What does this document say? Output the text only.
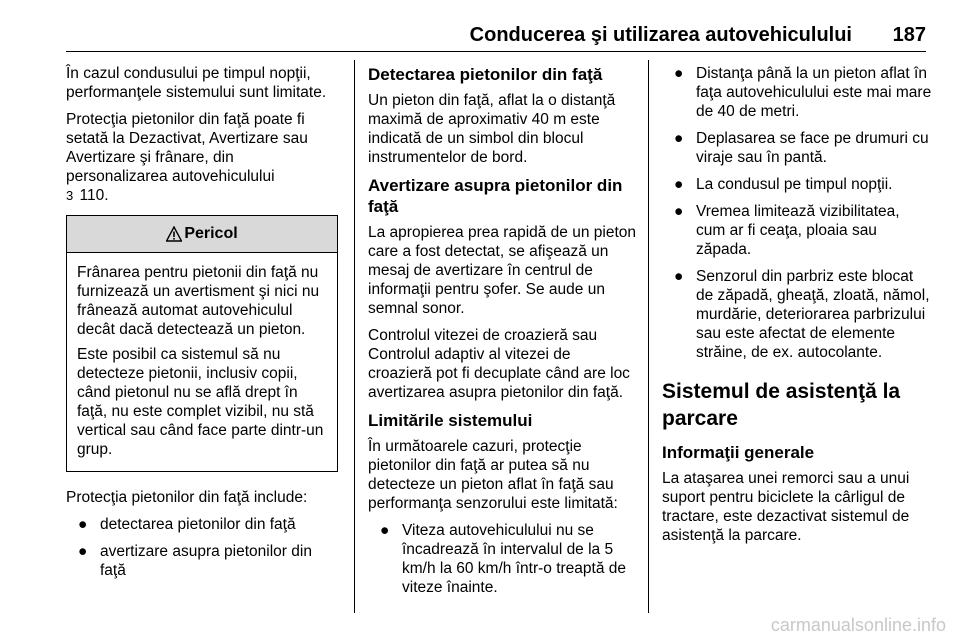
Conducerea şi utilizarea autovehiculului 187

În cazul condusului pe timpul nopţii, performanţele sistemului sunt limitate.

Protecţia pietonilor din faţă poate fi setată la Dezactivat, Avertizare sau Avertizare şi frânare, din personalizarea autovehiculului
3 110.

Pericol

Frânarea pentru pietonii din faţă nu furnizează un avertisment şi nici nu frânează automat autovehiculul decât dacă detectează un pieton.

Este posibil ca sistemul să nu detecteze pietonii, inclusiv copii, când pietonul nu se află drept în faţă, nu este complet vizibil, nu stă vertical sau când face parte dintr-un grup.

Protecţia pietonilor din faţă include:

● detectarea pietonilor din faţă
● avertizare asupra pietonilor din faţă
Detectarea pietonilor din faţă

Un pieton din faţă, aflat la o distanţă maximă de aproximativ 40 m este indicată de un simbol din blocul instrumentelor de bord.

Avertizare asupra pietonilor din faţă

La apropierea prea rapidă de un pieton care a fost detectat, se afişează un mesaj de avertizare în centrul de informaţii pentru şofer. Se aude un semnal sonor.

Controlul vitezei de croazieră sau Controlul adaptiv al vitezei de croazieră pot fi decuplate când are loc avertizarea asupra pietonilor din faţă.

Limitările sistemului

În următoarele cazuri, protecţie pietonilor din faţă ar putea să nu detecteze un pieton aflat în faţă sau performanţa senzorului este limitată:

● Viteza autovehiculului nu se încadrează în intervalul de la 5 km/h la 60 km/h într-o treaptă de viteze înainte.
● Distanţa până la un pieton aflat în faţa autovehiculului este mai mare de 40 de metri.
● Deplasarea se face pe drumuri cu viraje sau în pantă.
● La condusul pe timpul nopţii.
● Vremea limitează vizibilitatea, cum ar fi ceaţa, ploaia sau zăpada.
● Senzorul din parbriz este blocat de zăpadă, gheaţă, zloată, nămol, murdărie, deteriorarea parbrizului sau este afectat de elemente străine, de ex. autocolante.
Sistemul de asistenţă la parcare
Informaţii generale

La ataşarea unei remorci sau a unui suport pentru biciclete la cârligul de tractare, este dezactivat sistemul de asistenţă la parcare.

carmanualsonline.info
